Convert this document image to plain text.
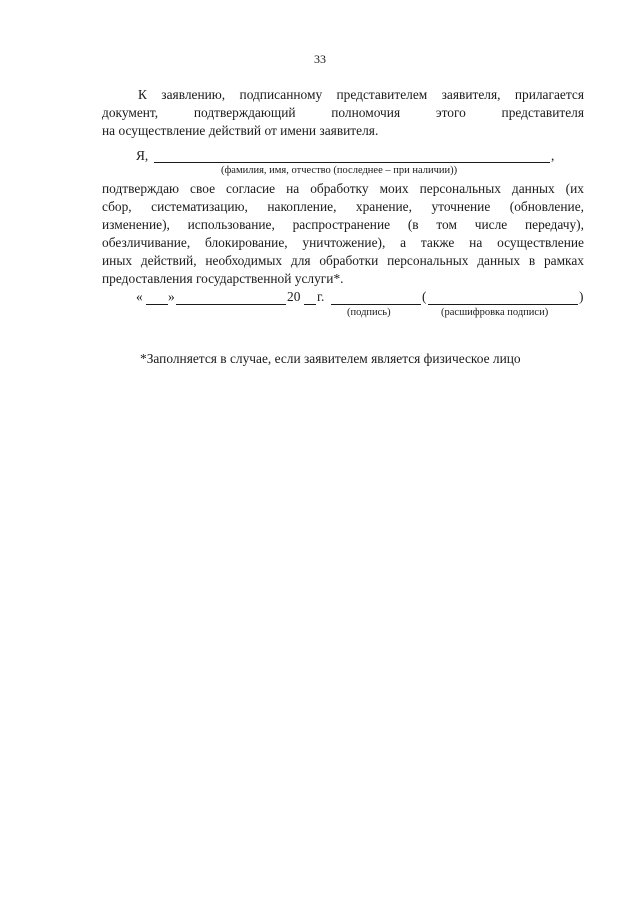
33
К заявлению, подписанному представителем заявителя, прилагается
документ, подтверждающий полномочия этого представителя
на осуществление действий от имени заявителя.
Я,	,
(фамилия, имя, отчество (последнее – при наличии))
подтверждаю свое согласие на обработку моих персональных данных (их
сбор, систематизацию, накопление, хранение, уточнение (обновление,
изменение), использование, распространение (в том числе передачу),
обезличивание, блокирование, уничтожение), а также на осуществление
иных действий, необходимых для обработки персональных данных в рамках
предоставления государственной услуги*.
« »	20 г.	(	)
(подпись)	(расшифровка подписи)
*Заполняется в случае, если заявителем является физическое лицо
